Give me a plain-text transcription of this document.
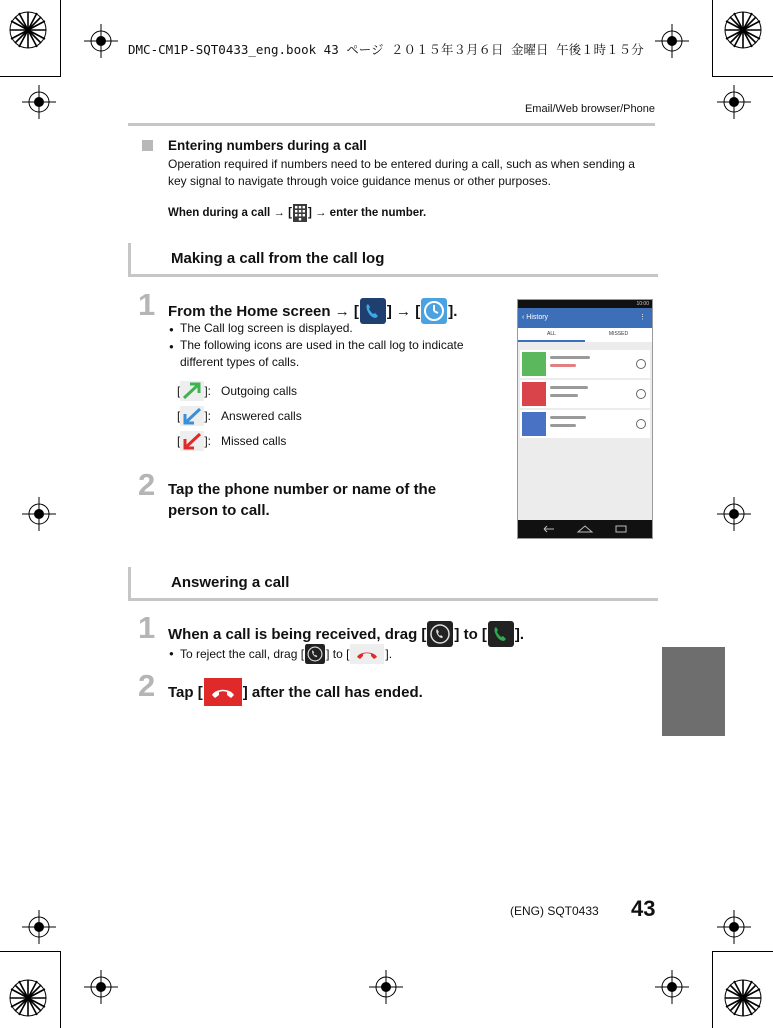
DMC-CM1P-SQT0433_eng.book 43 ページ ２０１５年３月６日 金曜日 午後１時１５分
Email/Web browser/Phone
Entering numbers during a call
Operation required if numbers need to be entered during a call, such as when sending a
key signal to navigate through voice guidance menus or other purposes.
When during a call → [ ] → enter the number.
Making a call from the call log
1 From the Home screen → [ ] → [ ].
● The Call log screen is displayed.
● The following icons are used in the call log to indicate
different types of calls.
[ ]: Outgoing calls
[ ]: Answered calls
[ ]: Missed calls
2 Tap the phone number or name of the
person to call.
10:00
‹ History	⋮
ALL	MISSED
Answering a call
1 When a call is being received, drag [ ] to [ ].
● To reject the call, drag [ ] to [	].
2 Tap [	] after the call has ended.
(ENG) SQT0433 43
